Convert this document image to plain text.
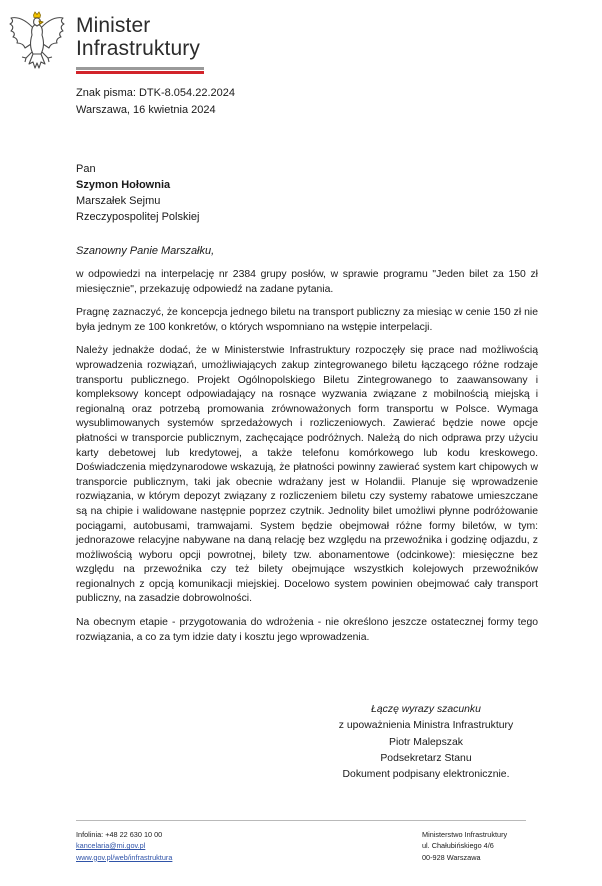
Minister
Infrastruktury
Znak pisma: DTK-8.054.22.2024
Warszawa, 16 kwietnia 2024
Pan
Szymon Hołownia
Marszałek Sejmu
Rzeczypospolitej Polskiej
Szanowny Panie Marszałku,

w odpowiedzi na interpelację nr 2384 grupy posłów, w sprawie programu "Jeden bilet za 150 zł miesięcznie", przekazuję odpowiedź na zadane pytania.

Pragnę zaznaczyć, że koncepcja jednego biletu na transport publiczny za miesiąc w cenie 150 zł nie była jednym ze 100 konkretów, o których wspomniano na wstępie interpelacji.

Należy jednakże dodać, że w Ministerstwie Infrastruktury rozpoczęły się prace nad możliwością wprowadzenia rozwiązań, umożliwiających zakup zintegrowanego biletu łączącego różne rodzaje transportu publicznego. Projekt Ogólnopolskiego Biletu Zintegrowanego to zaawansowany i kompleksowy koncept odpowiadający na rosnące wyzwania związane z mobilnością miejską i regionalną oraz potrzebą promowania zrównoważonych form transportu w Polsce. Wymaga wysublimowanych systemów sprzedażowych i rozliczeniowych. Zawierać będzie nowe opcje płatności w transporcie publicznym, zachęcające podróżnych. Należą do nich odprawa przy użyciu karty debetowej lub kredytowej, a także telefonu komórkowego lub kodu kreskowego. Doświadczenia międzynarodowe wskazują, że płatności powinny zawierać system kart chipowych w transporcie publicznym, taki jak obecnie wdrażany jest w Holandii. Planuje się wprowadzenie rozwiązania, w którym depozyt związany z rozliczeniem biletu czy systemy rabatowe umieszczane są na chipie i walidowane następnie poprzez czytnik. Jednolity bilet umożliwi płynne podróżowanie pociągami, autobusami, tramwajami. System będzie obejmował różne formy biletów, w tym: jednorazowe relacyjne nabywane na daną relację bez względu na przewoźnika i godzinę odjazdu, z możliwością wyboru opcji powrotnej, bilety tzw. abonamentowe (odcinkowe): miesięczne bez względu na przewoźnika czy też bilety obejmujące wszystkich kolejowych przewoźników regionalnych z opcją komunikacji miejskiej. Docelowo system powinien obejmować cały transport publiczny, na zasadzie dobrowolności.

Na obecnym etapie - przygotowania do wdrożenia - nie określono jeszcze ostatecznej formy tego rozwiązania, a co za tym idzie daty i kosztu jego wprowadzenia.

Łączę wyrazy szacunku
z upoważnienia Ministra Infrastruktury
Piotr Malepszak
Podsekretarz Stanu
Dokument podpisany elektronicznie.
Infolinia: +48 22 630 10 00
kancelaria@mi.gov.pl
www.gov.pl/web/infrastruktura
Ministerstwo Infrastruktury
ul. Chałubińskiego 4/6
00-928 Warszawa
